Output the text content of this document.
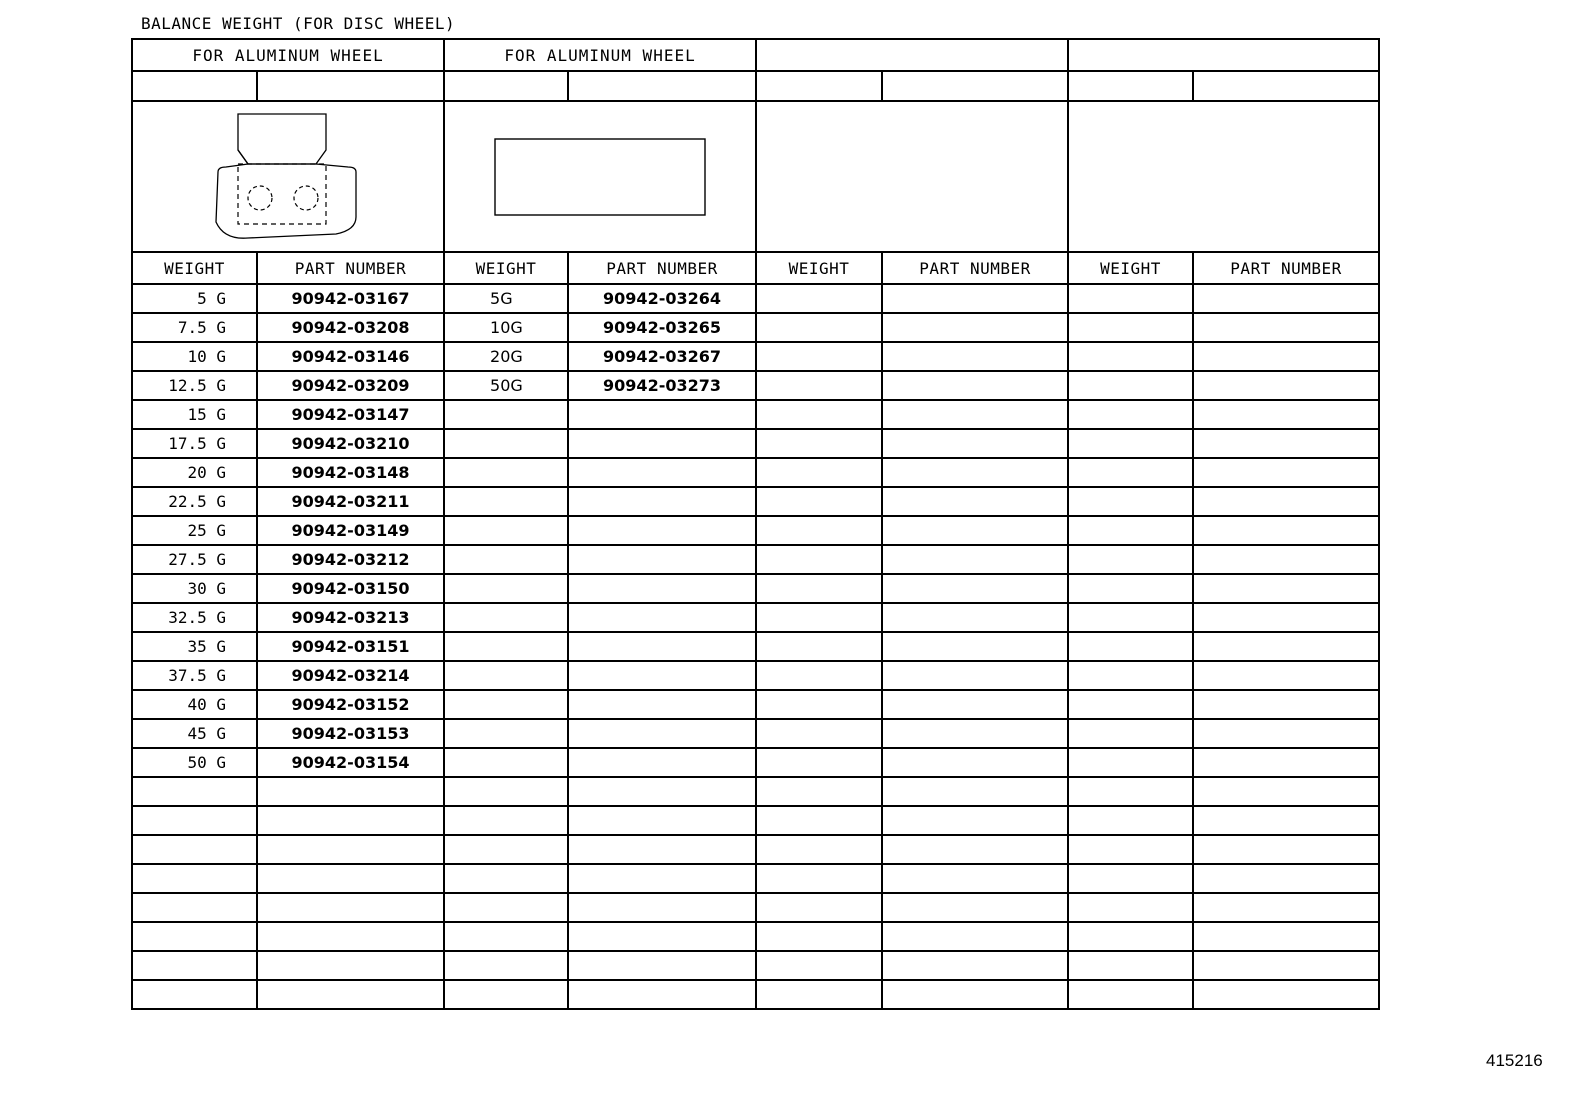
BALANCE WEIGHT (FOR DISC WHEEL)
FOR ALUMINUM WHEEL		FOR ALUMINUM WHEEL					

WEIGHT	PART NUMBER	WEIGHT	PART NUMBER	WEIGHT	PART NUMBER	WEIGHT	PART NUMBER
5 G	90942-03167	5G	90942-03264				
7.5 G	90942-03208	10G	90942-03265				
10 G	90942-03146	20G	90942-03267				
12.5 G	90942-03209	50G	90942-03273				
15 G	90942-03147						
17.5 G	90942-03210						
20 G	90942-03148						
22.5 G	90942-03211						
25 G	90942-03149						
27.5 G	90942-03212						
30 G	90942-03150						
32.5 G	90942-03213						
35 G	90942-03151						
37.5 G	90942-03214						
40 G	90942-03152						
45 G	90942-03153						
50 G	90942-03154						

415216
